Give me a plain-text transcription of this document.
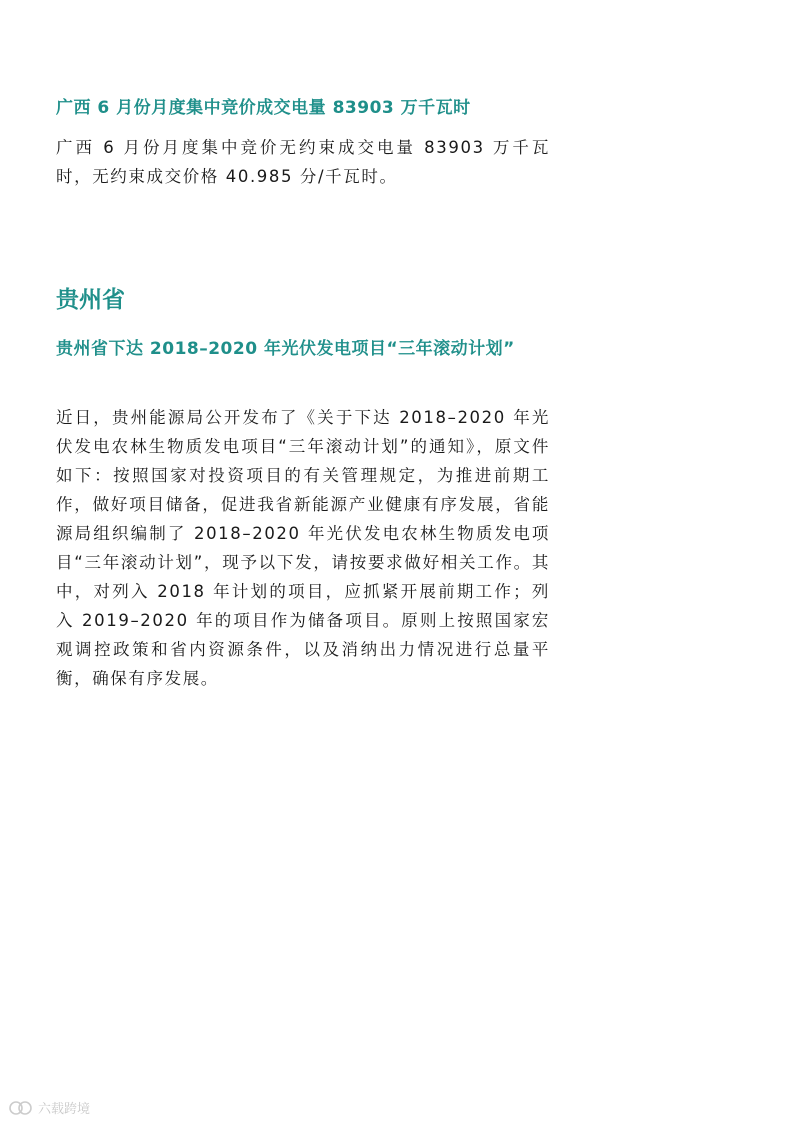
广西 6 月份月度集中竞价成交电量 83903 万千瓦时

广西 6 月份月度集中竞价无约束成交电量 83903 万千瓦时，无约束成交价格 40.985 分/千瓦时。

贵州省
贵州省下达 2018–2020 年光伏发电项目“三年滚动计划”

近日，贵州能源局公开发布了《关于下达 2018–2020 年光伏发电农林生物质发电项目“三年滚动计划”的通知》，原文件如下：按照国家对投资项目的有关管理规定，为推进前期工作，做好项目储备，促进我省新能源产业健康有序发展，省能源局组织编制了 2018–2020 年光伏发电农林生物质发电项目“三年滚动计划”，现予以下发，请按要求做好相关工作。其中，对列入 2018 年计划的项目，应抓紧开展前期工作；列入 2019–2020 年的项目作为储备项目。原则上按照国家宏观调控政策和省内资源条件，以及消纳出力情况进行总量平衡，确保有序发展。

六载跨境
